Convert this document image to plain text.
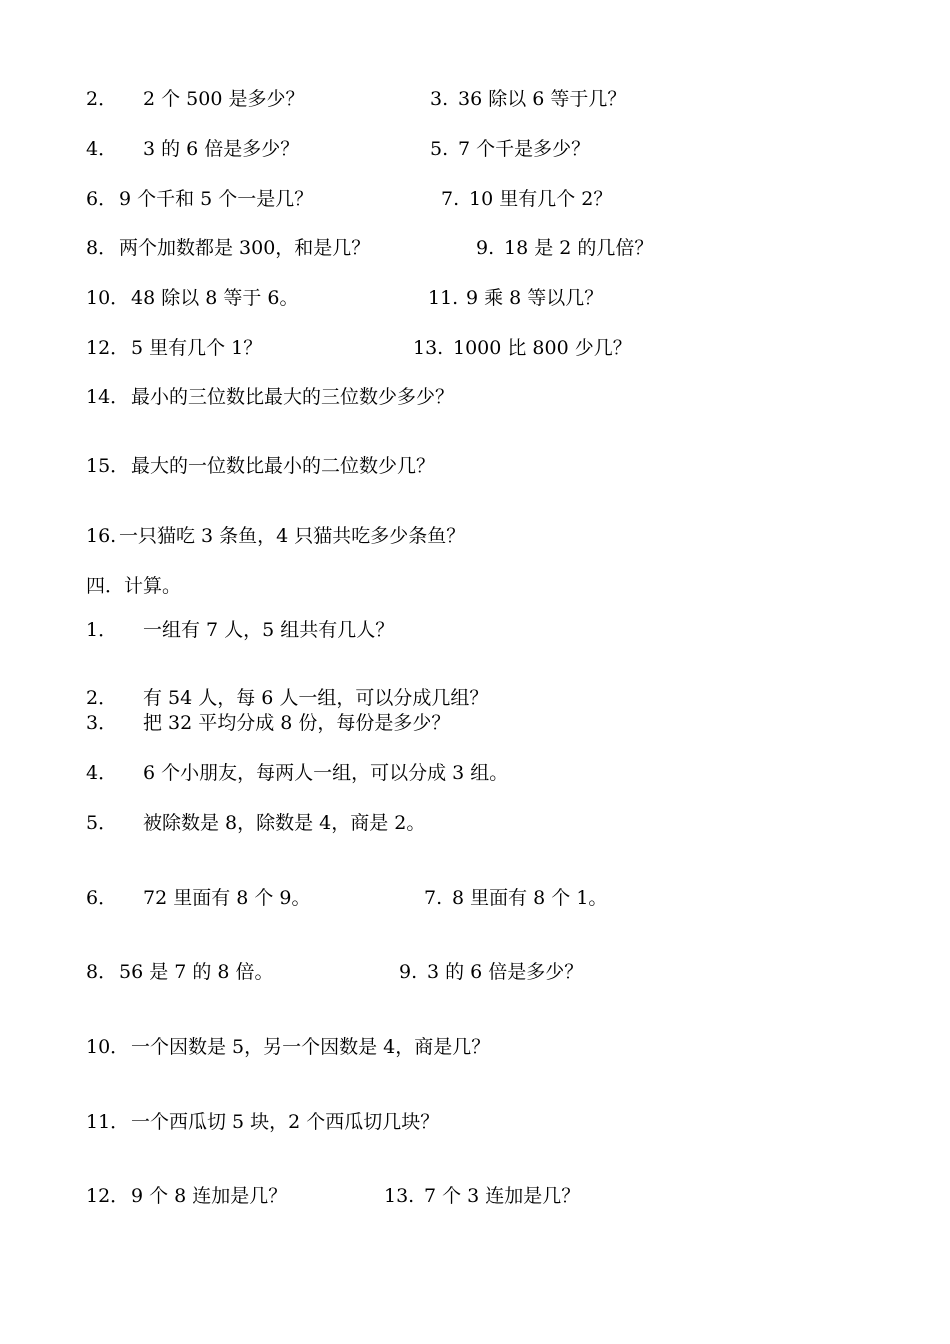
2． 2 个 500 是多少？	3. 36 除以 6 等于几？
4． 3 的 6 倍是多少？	5. 7 个千是多少？
6． 9 个千和 5 个一是几？	7. 10 里有几个 2？
8． 两个加数都是 300，和是几？	9. 18 是 2 的几倍？
10． 48 除以 8 等于 6。	11. 9 乘 8 等以几？
12． 5 里有几个 1？	13. 1000 比 800 少几？
14． 最小的三位数比最大的三位数少多少？
15． 最大的一位数比最小的二位数少几？
16. 一只猫吃 3 条鱼，4 只猫共吃多少条鱼？
四．计算。
1． 一组有 7 人，5 组共有几人？
2． 有 54 人，每 6 人一组，可以分成几组？
3． 把 32 平均分成 8 份，每份是多少？
4． 6 个小朋友，每两人一组，可以分成 3 组。
5． 被除数是 8，除数是 4，商是 2。
6． 72 里面有 8 个 9。	7. 8 里面有 8 个 1。
8． 56 是 7 的 8 倍。	9. 3 的 6 倍是多少？
10． 一个因数是 5，另一个因数是 4，商是几？
11． 一个西瓜切 5 块，2 个西瓜切几块？
12． 9 个 8 连加是几？	13. 7 个 3 连加是几？
